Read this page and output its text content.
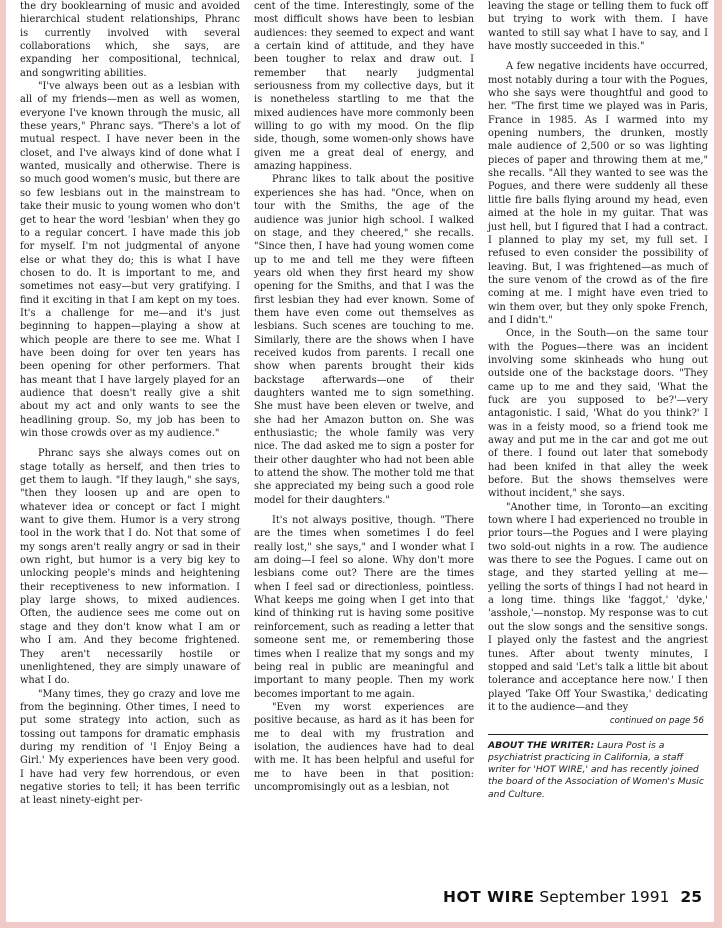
the dry booklearning of music and avoided hierarchical student relationships, Phranc is currently involved with several collaborations which, she says, are expanding her compositional, technical, and songwriting abilities.

"I've always been out as a lesbian with all of my friends—men as well as women, everyone I've known through the music, all these years," Phranc says. "There's a lot of mutual respect. I have never been in the closet, and I've always kind of done what I wanted, musically and otherwise. There is so much good women's music, but there are so few lesbians out in the mainstream to take their music to young women who don't get to hear the word 'lesbian' when they go to a regular concert. I have made this job for myself. I'm not judgmental of anyone else or what they do; this is what I have chosen to do. It is important to me, and sometimes not easy—but very gratifying. I find it exciting in that I am kept on my toes. It's a challenge for me—and it's just beginning to happen—playing a show at which people are there to see me. What I have been doing for over ten years has been opening for other performers. That has meant that I have largely played for an audience that doesn't really give a shit about my act and only wants to see the headlining group. So, my job has been to win those crowds over as my audience."

Phranc says she always comes out on stage totally as herself, and then tries to get them to laugh. "If they laugh," she says, "then they loosen up and are open to whatever idea or concept or fact I might want to give them. Humor is a very strong tool in the work that I do. Not that some of my songs aren't really angry or sad in their own right, but humor is a very big key to unlocking people's minds and heightening their receptiveness to new information. I play large shows, to mixed audiences. Often, the audience sees me come out on stage and they don't know what I am or who I am. And they become frightened. They aren't necessarily hostile or unenlightened, they are simply unaware of what I do.

"Many times, they go crazy and love me from the beginning. Other times, I need to put some strategy into action, such as tossing out tampons for dramatic emphasis during my rendition of 'I Enjoy Being a Girl.' My experiences have been very good. I have had very few horrendous, or even negative stories to tell; it has been terrific at least ninety-eight per-

cent of the time. Interestingly, some of the most difficult shows have been to lesbian audiences: they seemed to expect and want a certain kind of attitude, and they have been tougher to relax and draw out. I remember that nearly judgmental seriousness from my collective days, but it is nonetheless startling to me that the mixed audiences have more commonly been willing to go with my mood. On the flip side, though, some women-only shows have given me a great deal of energy, and amazing happiness.

Phranc likes to talk about the positive experiences she has had. "Once, when on tour with the Smiths, the age of the audience was junior high school. I walked on stage, and they cheered," she recalls. "Since then, I have had young women come up to me and tell me they were fifteen years old when they first heard my show opening for the Smiths, and that I was the first lesbian they had ever known. Some of them have even come out themselves as lesbians. Such scenes are touching to me. Similarly, there are the shows when I have received kudos from parents. I recall one show when parents brought their kids backstage afterwards—one of their daughters wanted me to sign something. She must have been eleven or twelve, and she had her Amazon button on. She was enthusiastic; the whole family was very nice. The dad asked me to sign a poster for their other daughter who had not been able to attend the show. The mother told me that she appreciated my being such a good role model for their daughters."

It's not always positive, though. "There are the times when sometimes I do feel really lost," she says," and I wonder what I am doing—I feel so alone. Why don't more lesbians come out? There are the times when I feel sad or directionless, pointless. What keeps me going when I get into that kind of thinking rut is having some positive reinforcement, such as reading a letter that someone sent me, or remembering those times when I realize that my songs and my being real in public are meaningful and important to many people. Then my work becomes important to me again.

"Even my worst experiences are positive because, as hard as it has been for me to deal with my frustration and isolation, the audiences have had to deal with me. It has been helpful and useful for me to have been in that position: uncompromisingly out as a lesbian, not

leaving the stage or telling them to fuck off but trying to work with them. I have wanted to still say what I have to say, and I have mostly succeeded in this."

A few negative incidents have occurred, most notably during a tour with the Pogues, who she says were thoughtful and good to her. "The first time we played was in Paris, France in 1985. As I warmed into my opening numbers, the drunken, mostly male audience of 2,500 or so was lighting pieces of paper and throwing them at me," she recalls. "All they wanted to see was the Pogues, and there were suddenly all these little fire balls flying around my head, even aimed at the hole in my guitar. That was just hell, but I figured that I had a contract. I planned to play my set, my full set. I refused to even consider the possibility of leaving. But, I was frightened—as much of the sure venom of the crowd as of the fire coming at me. I might have even tried to win them over, but they only spoke French, and I didn't."

Once, in the South—on the same tour with the Pogues—there was an incident involving some skinheads who hung out outside one of the backstage doors. "They came up to me and they said, 'What the fuck are you supposed to be?'—very antagonistic. I said, 'What do you think?' I was in a feisty mood, so a friend took me away and put me in the car and got me out of there. I found out later that somebody had been knifed in that alley the week before. But the shows themselves were without incident," she says.

"Another time, in Toronto—an exciting town where I had experienced no trouble in prior tours—the Pogues and I were playing two sold-out nights in a row. The audience was there to see the Pogues. I came out on stage, and they started yelling at me—yelling the sorts of things I had not heard in a long time. things like 'faggot,' 'dyke,' 'asshole,'—nonstop. My response was to cut out the slow songs and the sensitive songs. I played only the fastest and the angriest tunes. After about twenty minutes, I stopped and said 'Let's talk a little bit about tolerance and acceptance here now.' I then played 'Take Off Your Swastika,' dedicating it to the audience—and they

continued on page 56
ABOUT THE WRITER: Laura Post is a psychiatrist practicing in California, a staff writer for 'HOT WIRE,' and has recently joined the board of the Association of Women's Music and Culture.
HOT WIRE September 1991 25
